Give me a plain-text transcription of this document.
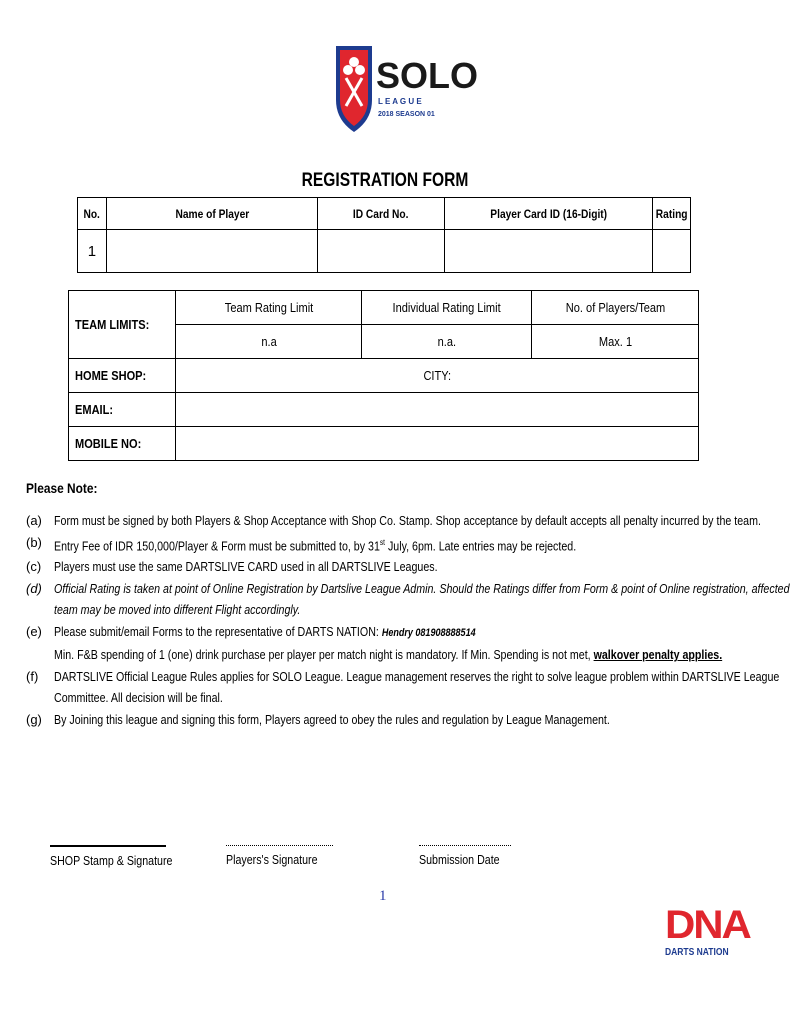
SOLO
L E A G U E
2018 SEASON 01
REGISTRATION FORM
No.	Name of Player	ID Card No.	Player Card ID (16-Digit)	Rating
1				
TEAM LIMITS:	Team Rating Limit	Individual Rating Limit	No. of Players/Team
	n.a	n.a.	Max. 1
HOME SHOP:	CITY:		
EMAIL:			
MOBILE NO:			
Please Note:
(a) Form must be signed by both Players & Shop Acceptance with Shop Co. Stamp. Shop acceptance by default accepts all penalty incurred by the team.
(b) Entry Fee of IDR 150,000/Player & Form must be submitted to, by 31st July, 6pm. Late entries may be rejected.
(c) Players must use the same DARTSLIVE CARD used in all DARTSLIVE Leagues.
(d) Official Rating is taken at point of Online Registration by Dartslive League Admin. Should the Ratings differ from Form & point of Online registration, affected
team may be moved into different Flight accordingly.
(e) Please submit/email Forms to the representative of DARTS NATION: Hendry 081908888514
Min. F&B spending of 1 (one) drink purchase per player per match night is mandatory. If Min. Spending is not met, walkover penalty applies.
(f)	DARTSLIVE Official League Rules applies for SOLO League. League management reserves the right to solve league problem within DARTSLIVE League
Committee. All decision will be final.
(g) By Joining this league and signing this form, Players agreed to obey the rules and regulation by League Management.
SHOP Stamp & Signature	Players's Signature	Submission Date
1
DNA
DARTS NATION
